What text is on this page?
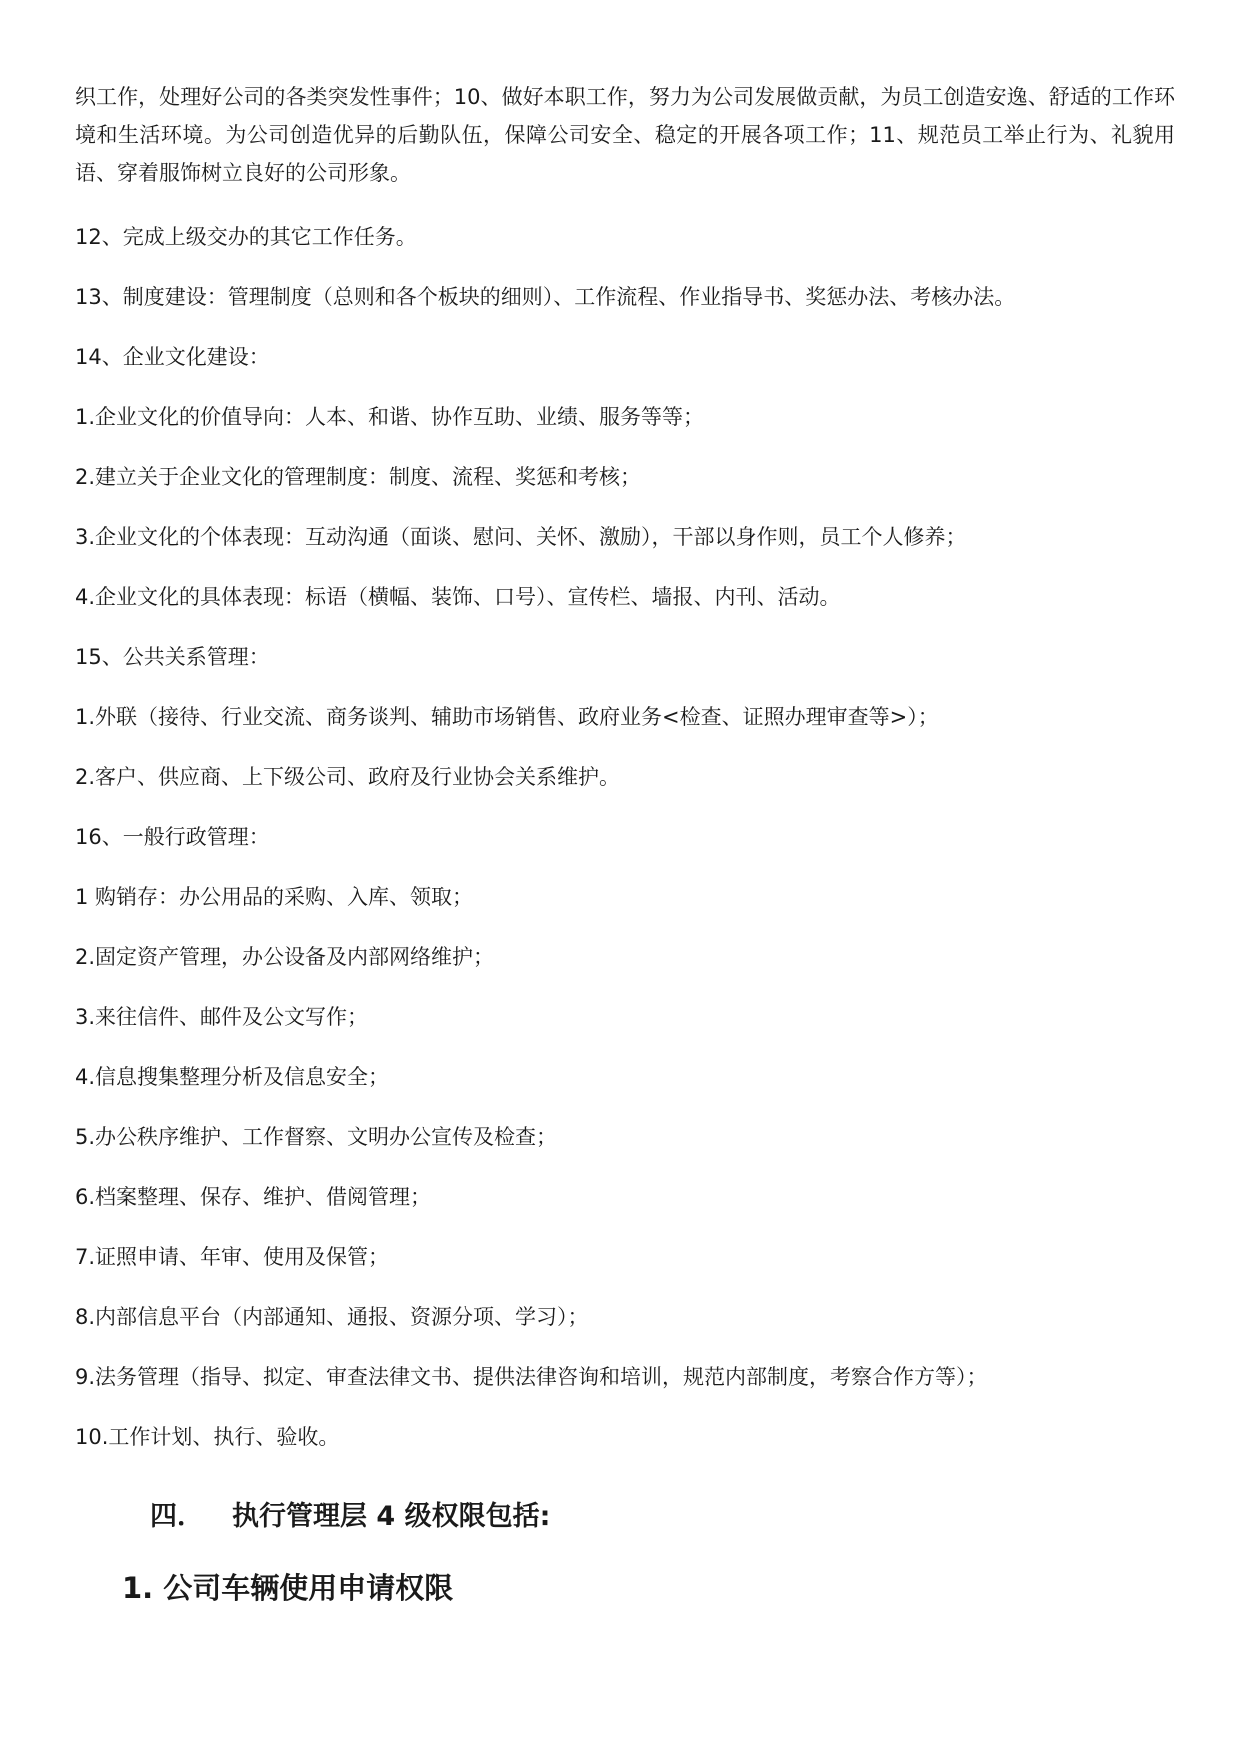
织工作，处理好公司的各类突发性事件；10、做好本职工作，努力为公司发展做贡献，为员工创造安逸、舒适的工作环境和生活环境。为公司创造优异的后勤队伍，保障公司安全、稳定的开展各项工作；11、规范员工举止行为、礼貌用语、穿着服饰树立良好的公司形象。

12、完成上级交办的其它工作任务。

13、制度建设：管理制度（总则和各个板块的细则）、工作流程、作业指导书、奖惩办法、考核办法。

14、企业文化建设：

1.企业文化的价值导向：人本、和谐、协作互助、业绩、服务等等；

2.建立关于企业文化的管理制度：制度、流程、奖惩和考核；

3.企业文化的个体表现：互动沟通（面谈、慰问、关怀、激励），干部以身作则，员工个人修养；

4.企业文化的具体表现：标语（横幅、装饰、口号）、宣传栏、墙报、内刊、活动。

15、公共关系管理：

1.外联（接待、行业交流、商务谈判、辅助市场销售、政府业务<检查、证照办理审查等>）；

2.客户、供应商、上下级公司、政府及行业协会关系维护。

16、一般行政管理：

1 购销存：办公用品的采购、入库、领取；

2.固定资产管理，办公设备及内部网络维护；

3.来往信件、邮件及公文写作；

4.信息搜集整理分析及信息安全；

5.办公秩序维护、工作督察、文明办公宣传及检查；

6.档案整理、保存、维护、借阅管理；

7.证照申请、年审、使用及保管；

8.内部信息平台（内部通知、通报、资源分项、学习）；

9.法务管理（指导、拟定、审查法律文书、提供法律咨询和培训，规范内部制度，考察合作方等）；

10.工作计划、执行、验收。

四． 执行管理层 4 级权限包括:
1. 公司车辆使用申请权限
